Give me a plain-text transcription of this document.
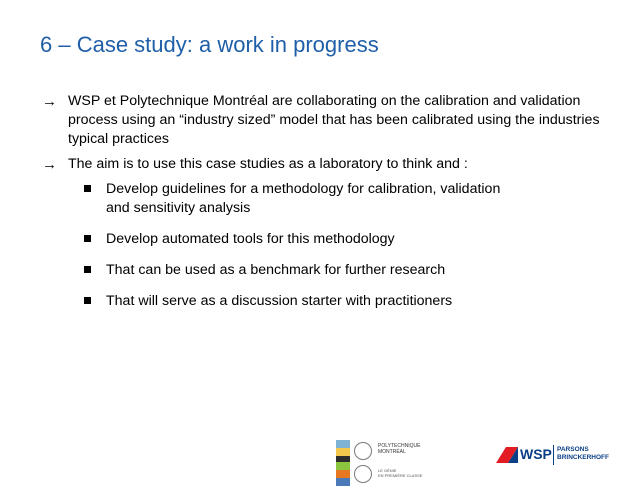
6 – Case study: a work in progress
→ WSP et Polytechnique Montréal are collaborating on the calibration and validation process using an “industry sized” model that has been calibrated using the industries typical practices
→ The aim is to use this case studies as a laboratory to think and :
Develop guidelines for a methodology for calibration, validation and sensitivity analysis
Develop automated tools for this methodology
That can be used as a benchmark for further research
That will serve as a discussion starter with practitioners
POLYTECHNIQUE
MONTRÉAL
LE GÉNIE
EN PREMIÈRE CLASSE
WSP PARSONS
BRINCKERHOFF
